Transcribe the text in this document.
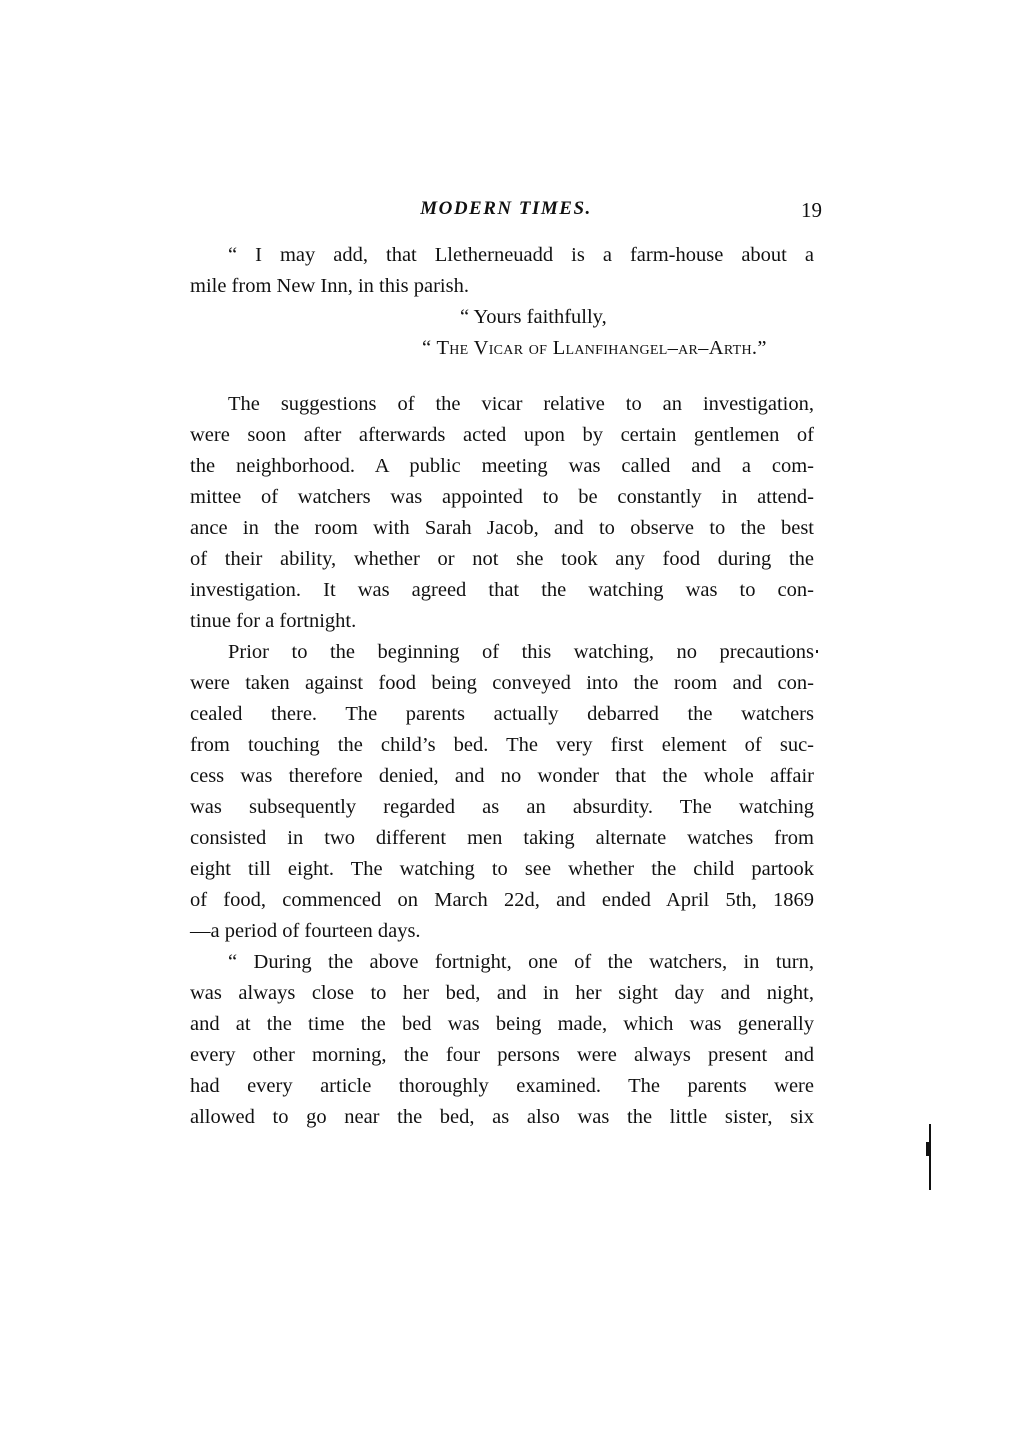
MODERN TIMES.	19
“ I may add, that Lletherneuadd is a farm-house about a
mile from New Inn, in this parish.
“ Yours faithfully,
“ The Vicar of Llanfihangel–ar–Arth.”
The suggestions of the vicar relative to an investigation,
were soon after afterwards acted upon by certain gentlemen of
the neighborhood. A public meeting was called and a com-
mittee of watchers was appointed to be constantly in attend-
ance in the room with Sarah Jacob, and to observe to the best
of their ability, whether or not she took any food during the
investigation. It was agreed that the watching was to con-
tinue for a fortnight.
Prior to the beginning of this watching, no precautions
were taken against food being conveyed into the room and con-
cealed there. The parents actually debarred the watchers
from touching the child’s bed. The very first element of suc-
cess was therefore denied, and no wonder that the whole affair
was subsequently regarded as an absurdity. The watching
consisted in two different men taking alternate watches from
eight till eight. The watching to see whether the child partook
of food, commenced on March 22d, and ended April 5th, 1869
—a period of fourteen days.
“ During the above fortnight, one of the watchers, in turn,
was always close to her bed, and in her sight day and night,
and at the time the bed was being made, which was generally
every other morning, the four persons were always present and
had every article thoroughly examined. The parents were
allowed to go near the bed, as also was the little sister, six
